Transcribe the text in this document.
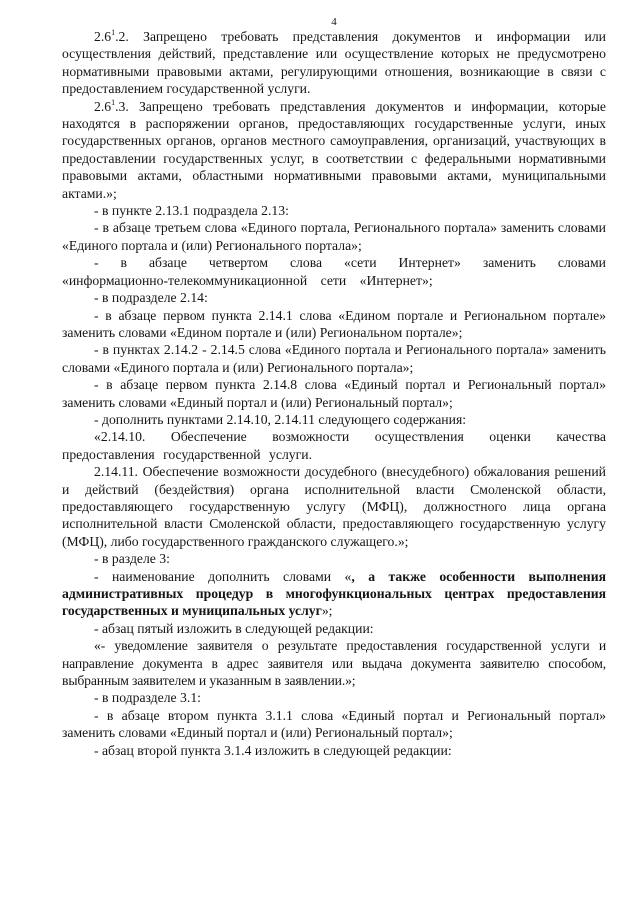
4

$2.6^1.2$. Запрещено требовать представления документов и информации или осуществления действий, представление или осуществление которых не предусмотрено нормативными правовыми актами, регулирующими отношения, возникающие в связи с предоставлением государственной услуги.

$2.6^1.3$. Запрещено требовать представления документов и информации, которые находятся в распоряжении органов, предоставляющих государственные услуги, иных государственных органов, органов местного самоуправления, организаций, участвующих в предоставлении государственных услуг, в соответствии с федеральными нормативными правовыми актами, областными нормативными правовыми актами, муниципальными актами.»;

- в пункте 2.13.1 подраздела 2.13:

- в абзаце третьем слова «Единого портала, Регионального портала» заменить словами «Единого портала и (или) Регионального портала»;

- в абзаце четвертом слова «сети Интернет» заменить словами «информационно-телекоммуникационной сети «Интернет»;

- в подразделе 2.14:

- в абзаце первом пункта 2.14.1 слова «Едином портале и Региональном портале» заменить словами «Едином портале и (или) Региональном портале»;

- в пунктах 2.14.2 - 2.14.5 слова «Единого портала и Регионального портала» заменить словами «Единого портала и (или) Регионального портала»;

- в абзаце первом пункта 2.14.8 слова «Единый портал и Региональный портал» заменить словами «Единый портал и (или) Региональный портал»;

- дополнить пунктами 2.14.10, 2.14.11 следующего содержания:

«2.14.10. Обеспечение возможности осуществления оценки качества предоставления государственной услуги.

2.14.11. Обеспечение возможности досудебного (внесудебного) обжалования решений и действий (бездействия) органа исполнительной власти Смоленской области, предоставляющего государственную услугу (МФЦ), должностного лица органа исполнительной власти Смоленской области, предоставляющего государственную услугу (МФЦ), либо государственного гражданского служащего.»;

- в разделе 3:

- наименование дополнить словами «, а также особенности выполнения административных процедур в многофункциональных центрах предоставления государственных и муниципальных услуг»;

- абзац пятый изложить в следующей редакции:

«- уведомление заявителя о результате предоставления государственной услуги и направление документа в адрес заявителя или выдача документа заявителю способом, выбранным заявителем и указанным в заявлении.»;

- в подразделе 3.1:

- в абзаце втором пункта 3.1.1 слова «Единый портал и Региональный портал» заменить словами «Единый портал и (или) Региональный портал»;

- абзац второй пункта 3.1.4 изложить в следующей редакции:
